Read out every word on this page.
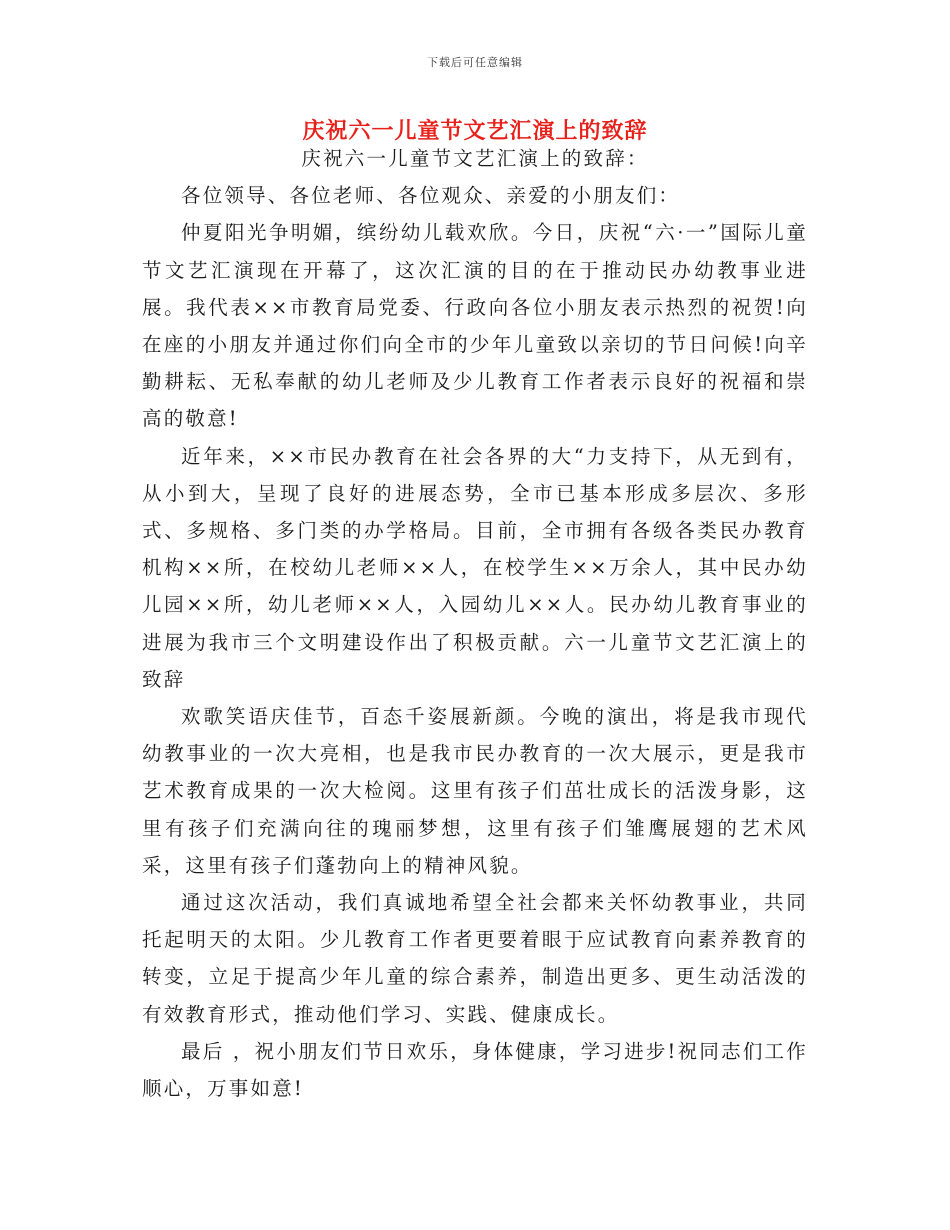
下载后可任意编辑
庆祝六一儿童节文艺汇演上的致辞

庆祝六一儿童节文艺汇演上的致辞：

各位领导、各位老师、各位观众、亲爱的小朋友们：

仲夏阳光争明媚，缤纷幼儿载欢欣。今日，庆祝“六·一”国际儿童节文艺汇演现在开幕了，这次汇演的目的在于推动民办幼教事业进展。我代表××市教育局党委、行政向各位小朋友表示热烈的祝贺!向在座的小朋友并通过你们向全市的少年儿童致以亲切的节日问候!向辛勤耕耘、无私奉献的幼儿老师及少儿教育工作者表示良好的祝福和崇高的敬意!

近年来，××市民办教育在社会各界的大“力支持下，从无到有，从小到大，呈现了良好的进展态势，全市已基本形成多层次、多形式、多规格、多门类的办学格局。目前，全市拥有各级各类民办教育机构××所，在校幼儿老师××人，在校学生××万余人，其中民办幼儿园××所，幼儿老师××人，入园幼儿××人。民办幼儿教育事业的进展为我市三个文明建设作出了积极贡献。六一儿童节文艺汇演上的致辞

欢歌笑语庆佳节，百态千姿展新颜。今晚的演出，将是我市现代幼教事业的一次大亮相，也是我市民办教育的一次大展示，更是我市艺术教育成果的一次大检阅。这里有孩子们茁壮成长的活泼身影，这里有孩子们充满向往的瑰丽梦想，这里有孩子们雏鹰展翅的艺术风采，这里有孩子们蓬勃向上的精神风貌。

通过这次活动，我们真诚地希望全社会都来关怀幼教事业，共同托起明天的太阳。少儿教育工作者更要着眼于应试教育向素养教育的转变，立足于提高少年儿童的综合素养，制造出更多、更生动活泼的有效教育形式，推动他们学习、实践、健康成长。

最后 ，祝小朋友们节日欢乐，身体健康，学习进步!祝同志们工作顺心，万事如意!
